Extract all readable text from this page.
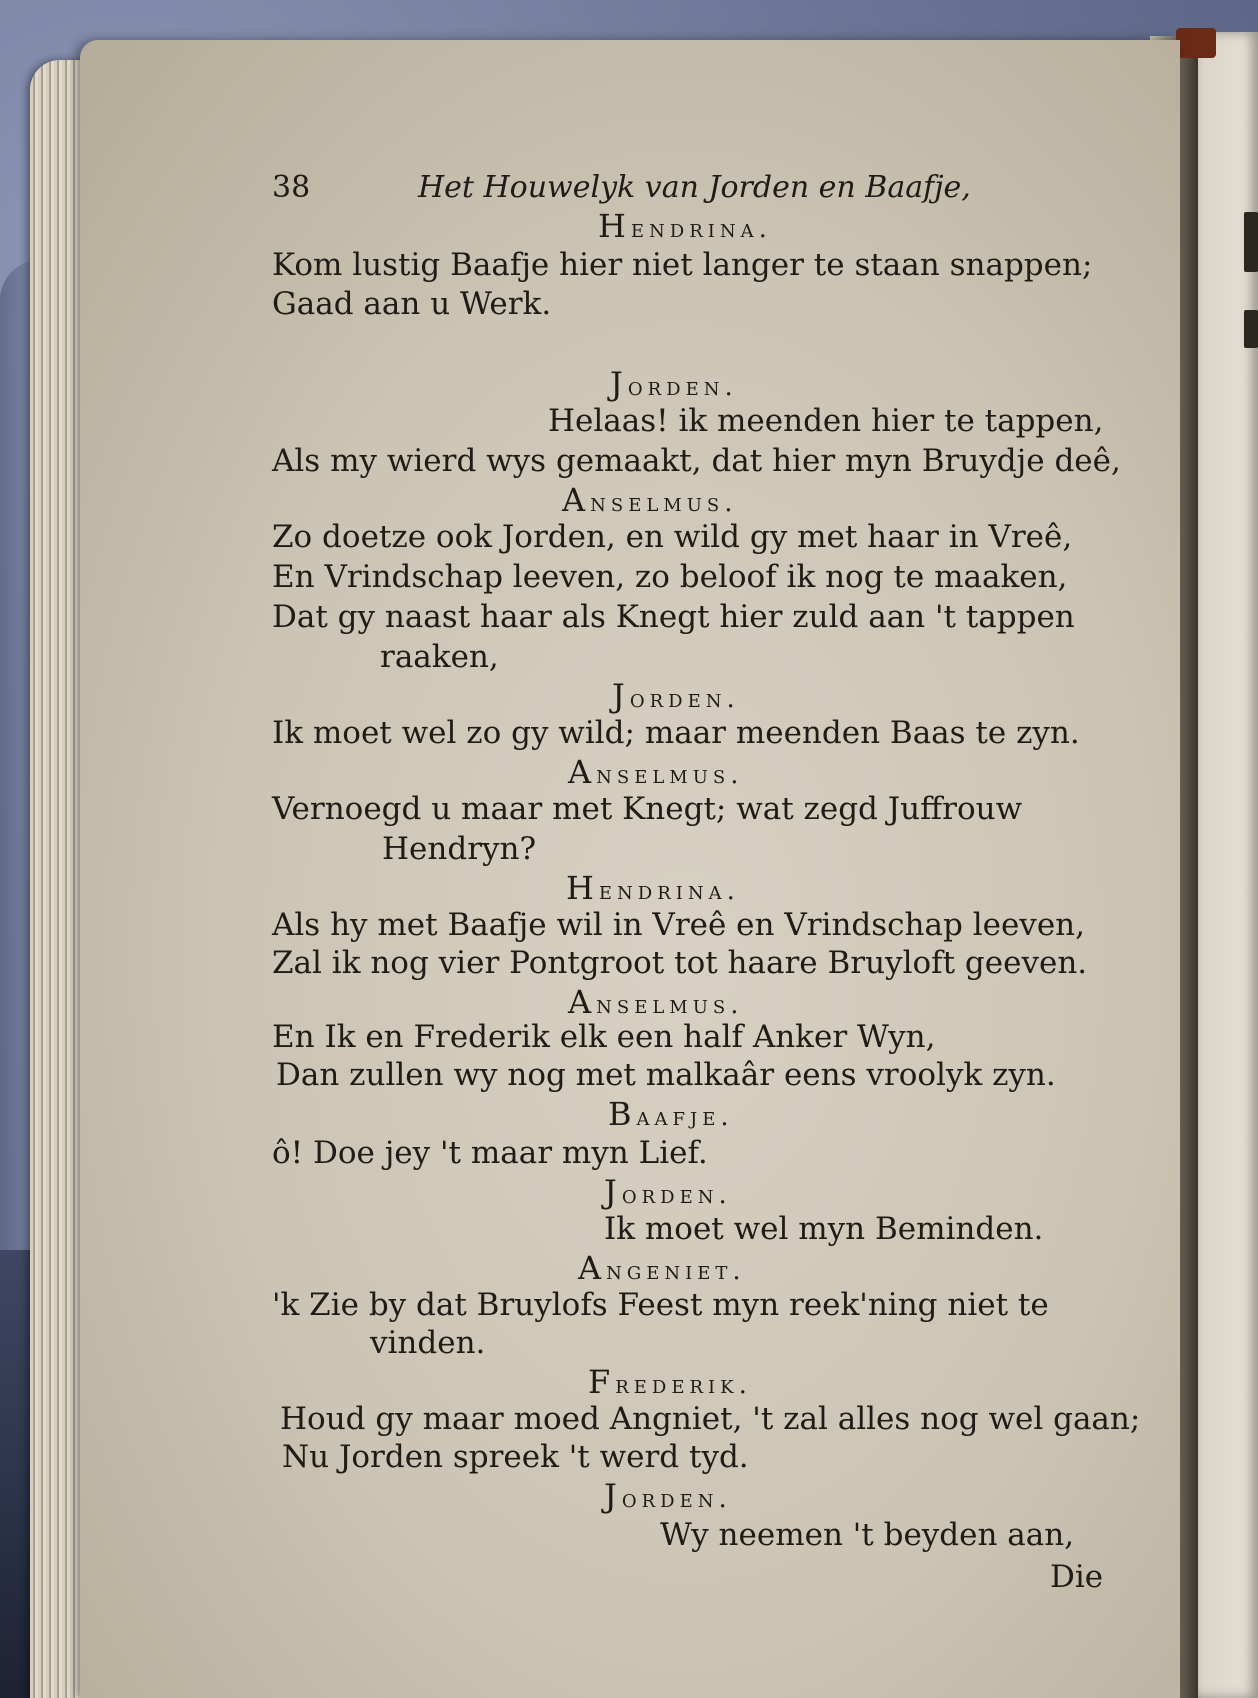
38	Het Houwelyk van Jorden en Baafje,
Hendrina.
Kom lustig Baafje hier niet langer te staan snappen;
Gaad aan u Werk.
Jorden.
Helaas! ik meenden hier te tappen,
Als my wierd wys gemaakt, dat hier myn Bruydje deê,
Anselmus.
Zo doetze ook Jorden, en wild gy met haar in Vreê,
En Vrindschap leeven, zo beloof ik nog te maaken,
Dat gy naast haar als Knegt hier zuld aan 't tappen
raaken,
Jorden.
Ik moet wel zo gy wild; maar meenden Baas te zyn.
Anselmus.
Vernoegd u maar met Knegt; wat zegd Juffrouw
Hendryn?
Hendrina.
Als hy met Baafje wil in Vreê en Vrindschap leeven,
Zal ik nog vier Pontgroot tot haare Bruyloft geeven.
Anselmus.
En Ik en Frederik elk een half Anker Wyn,
Dan zullen wy nog met malkaâr eens vroolyk zyn.
Baafje.
ô! Doe jey 't maar myn Lief.
Jorden.
Ik moet wel myn Beminden.
Angeniet.
'k Zie by dat Bruylofs Feest myn reek'ning niet te
vinden.
Frederik.
Houd gy maar moed Angniet, 't zal alles nog wel gaan;
Nu Jorden spreek 't werd tyd.
Jorden.
Wy neemen 't beyden aan,
Die
